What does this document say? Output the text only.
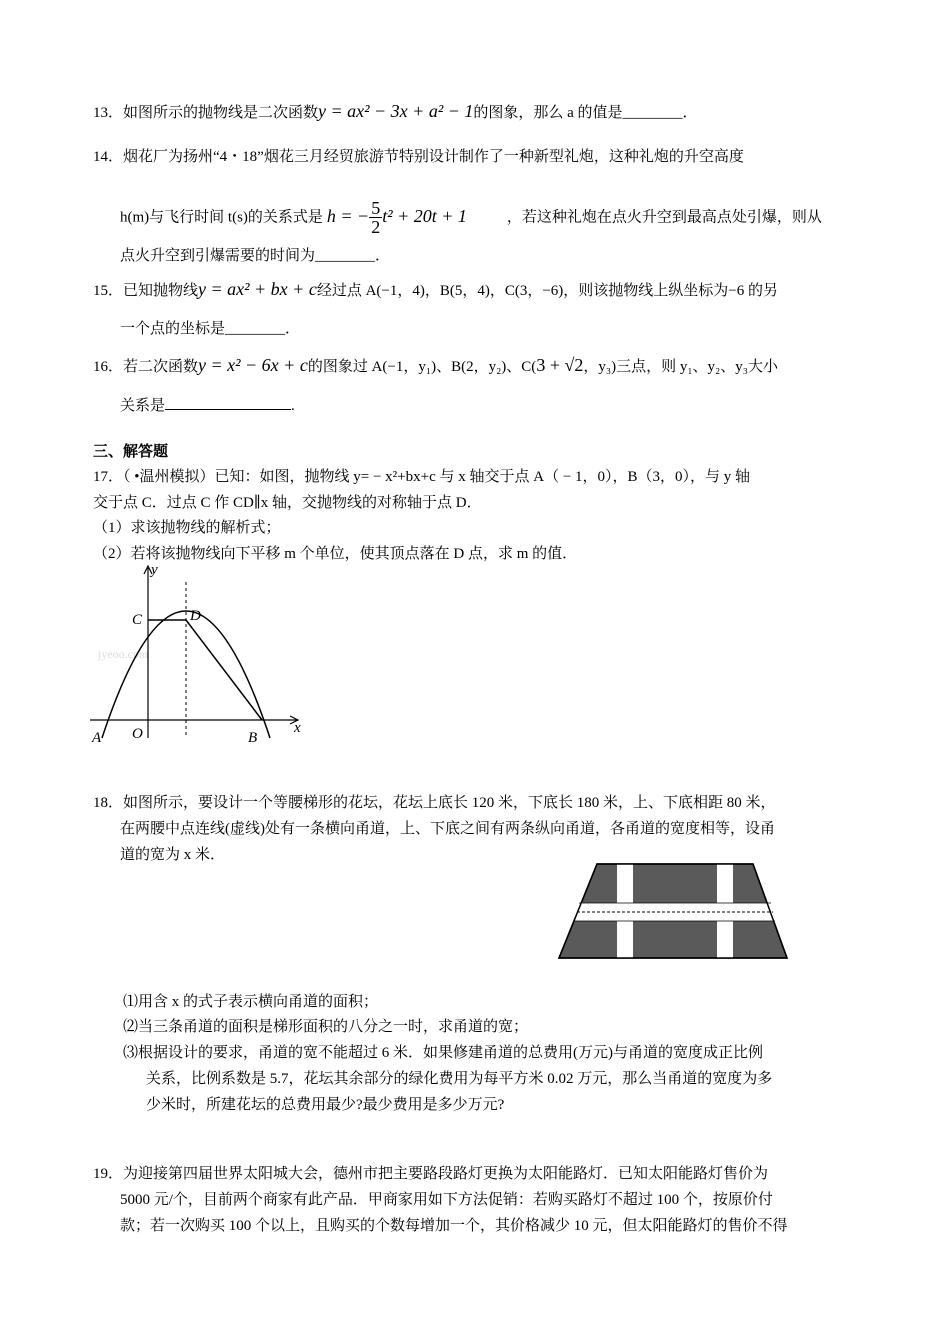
13．如图所示的抛物线是二次函数y = ax² − 3x + a² − 1的图象，那么 a 的值是________．
14．烟花厂为扬州“4・18”烟花三月经贸旅游节特别设计制作了一种新型礼炮，这种礼炮的升空高度
h(m)与飞行时间 t(s)的关系式是 h = − $\frac{5}{2} t^2 + 20t + 1$	，若这种礼炮在点火升空到最高点处引爆，则从
点火升空到引爆需要的时间为________．
15．已知抛物线y = ax² + bx + c经过点 A(−1，4)，B(5，4)，C(3，−6)，则该抛物线上纵坐标为−6 的另
一个点的坐标是________．
16．若二次函数y = x² − 6x + c的图象过 A(−1，y₁)、B(2，y₂)、C(3 + √2，y₃)三点，则 y₁、y₂、y₃大小
关系是	.
三、解答题
17．（ •温州模拟）已知：如图，抛物线 y= − x²+bx+c 与 x 轴交于点 A（ − 1，0），B（3，0），与 y 轴
交于点 C．过点 C 作 CD∥x 轴，交抛物线的对称轴于点 D．
（1）求该抛物线的解析式；
（2）若将该抛物线向下平移 m 个单位，使其顶点落在 D 点，求 m 的值．
jyeoo.com
y
x
C	D
A O	B
18．如图所示，要设计一个等腰梯形的花坛，花坛上底长 120 米，下底长 180 米，上、下底相距 80 米，
在两腰中点连线(虚线)处有一条横向甬道，上、下底之间有两条纵向甬道，各甬道的宽度相等，设甬
道的宽为 x 米．
⑴用含 x 的式子表示横向甬道的面积；
⑵当三条甬道的面积是梯形面积的八分之一时，求甬道的宽；
⑶根据设计的要求，甬道的宽不能超过 6 米．如果修建甬道的总费用(万元)与甬道的宽度成正比例
关系，比例系数是 5.7，花坛其余部分的绿化费用为每平方米 0.02 万元，那么当甬道的宽度为多
少米时，所建花坛的总费用最少?最少费用是多少万元?
19．为迎接第四届世界太阳城大会，德州市把主要路段路灯更换为太阳能路灯．已知太阳能路灯售价为
5000 元/个，目前两个商家有此产品．甲商家用如下方法促销：若购买路灯不超过 100 个，按原价付
款；若一次购买 100 个以上，且购买的个数每增加一个，其价格减少 10 元，但太阳能路灯的售价不得
